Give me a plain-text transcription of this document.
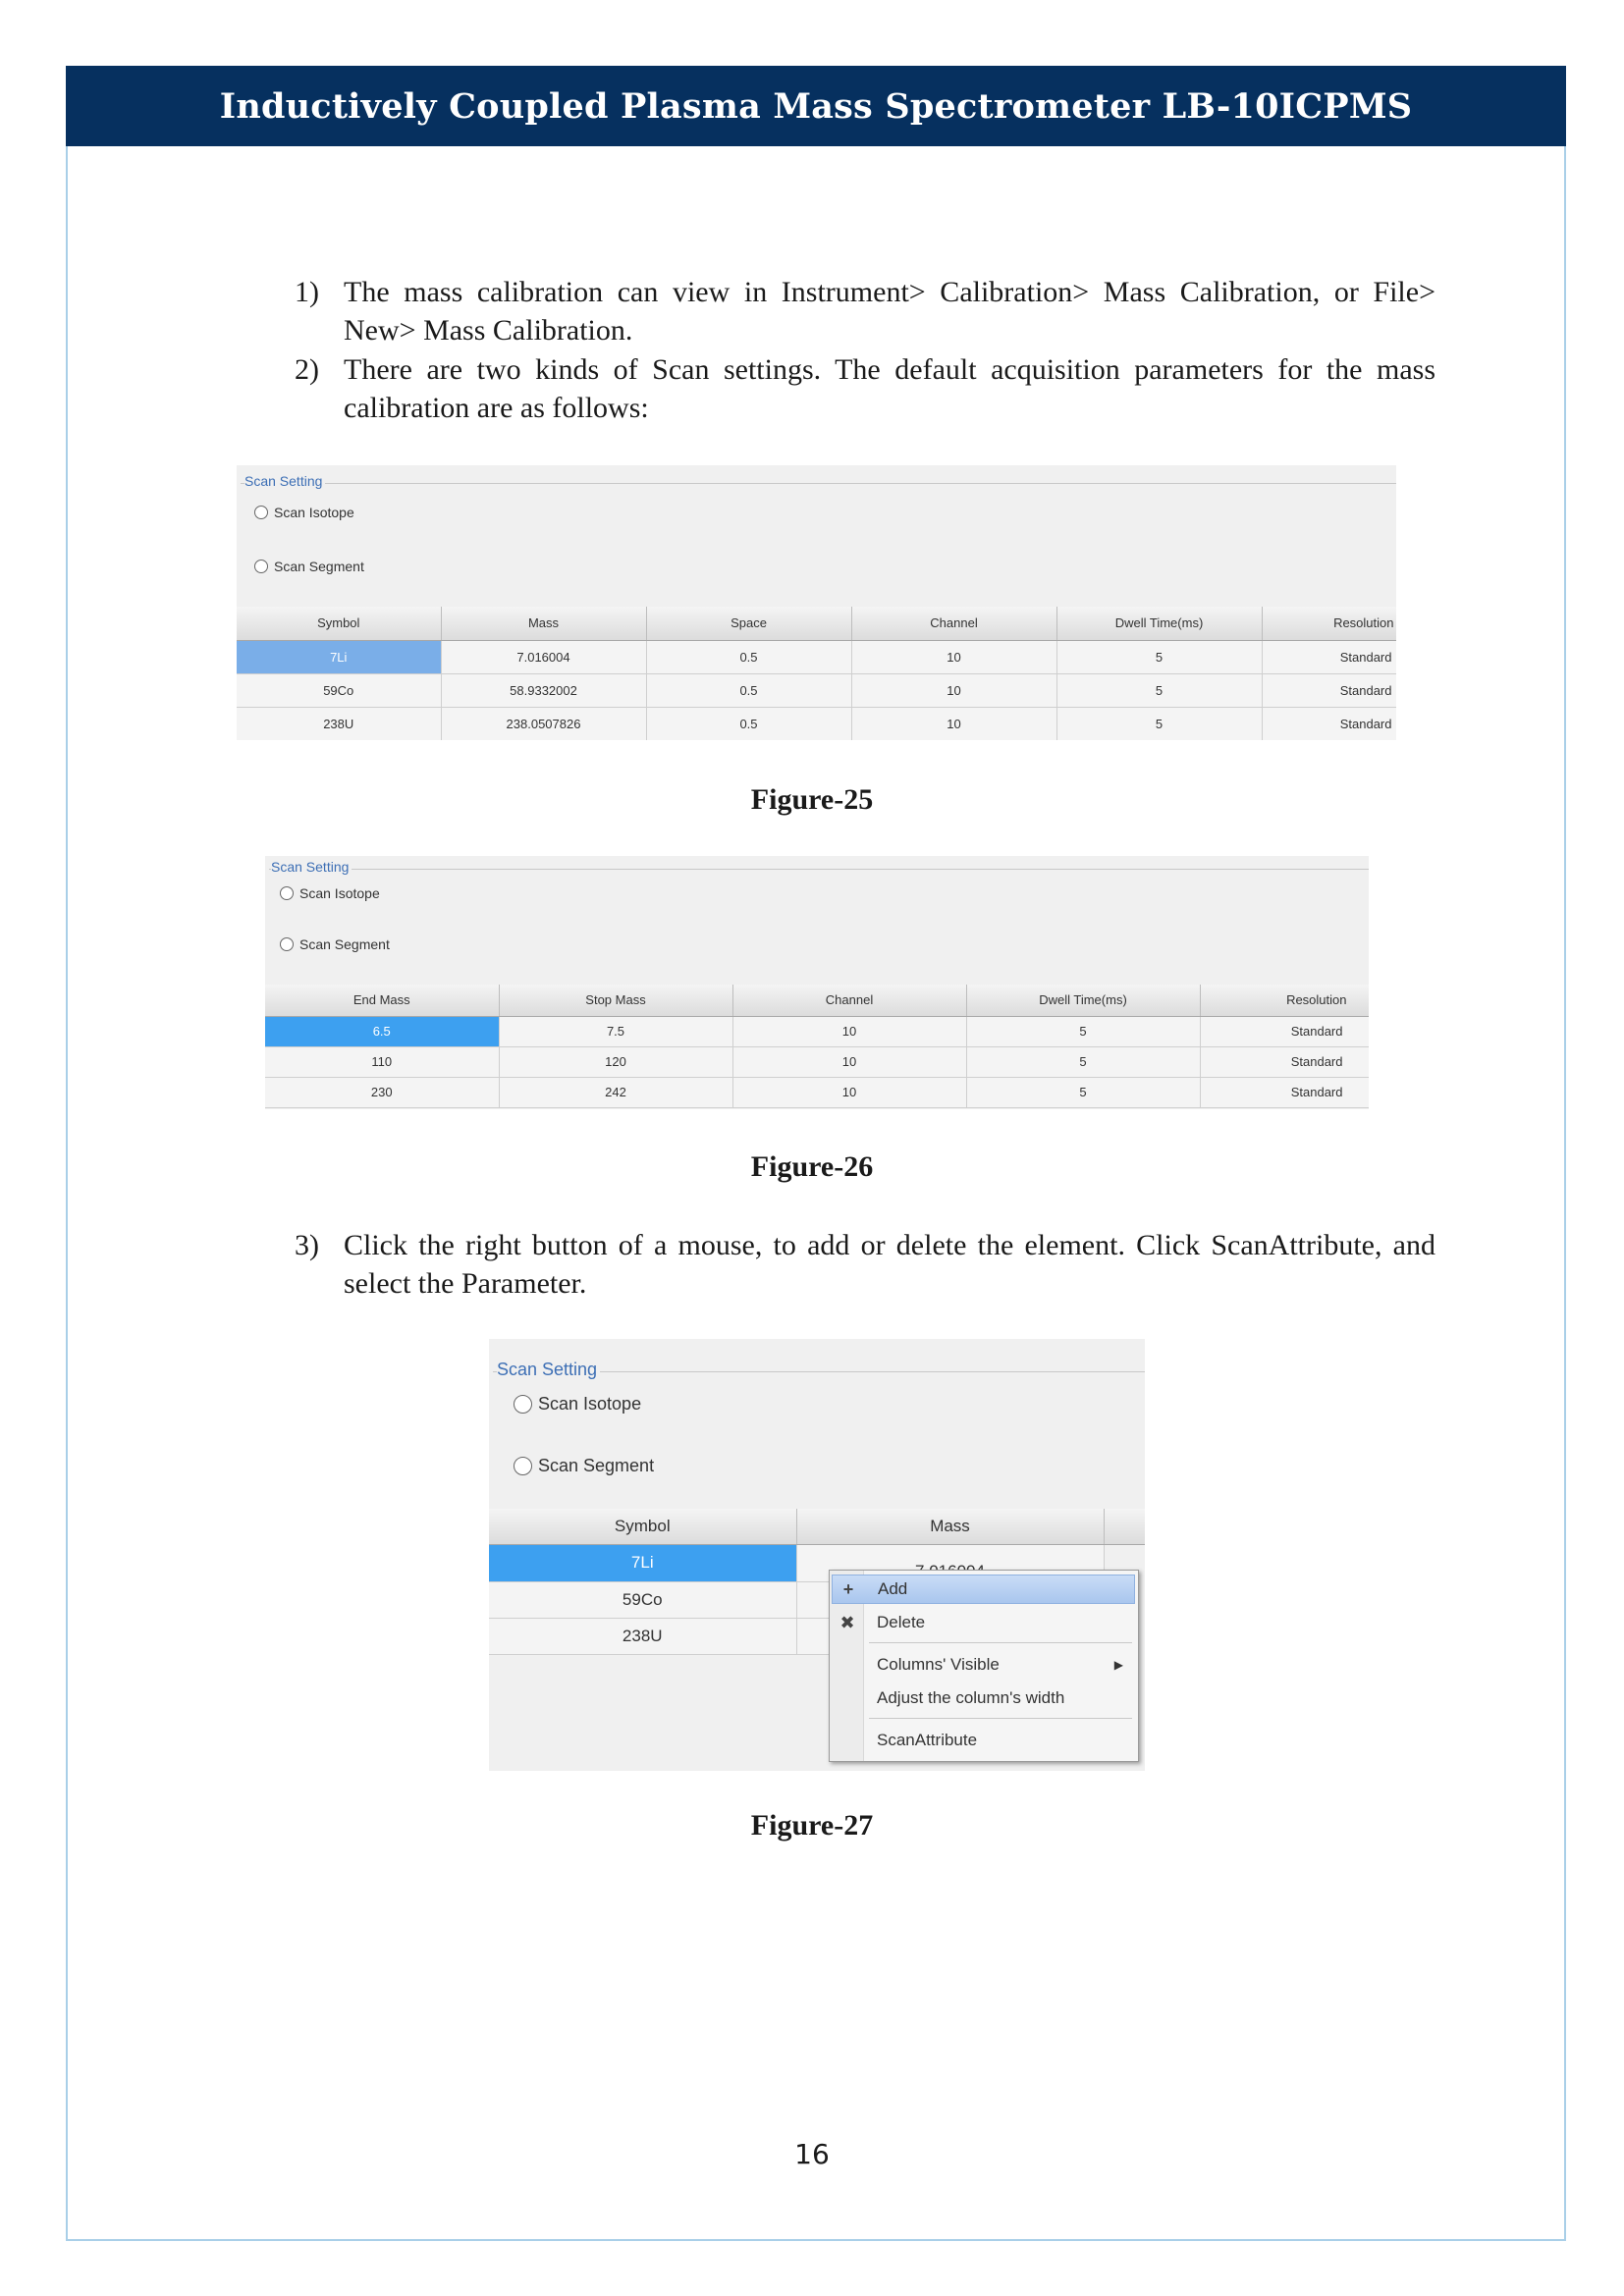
Inductively Coupled Plasma Mass Spectrometer LB-10ICPMS
1) The mass calibration can view in Instrument> Calibration> Mass Calibration, or File> New> Mass Calibration.
2) There are two kinds of Scan settings. The default acquisition parameters for the mass calibration are as follows:
Scan Setting
Scan Isotope
Scan Segment
Symbol	Mass	Space	Channel	Dwell Time(ms)	Resolution
7Li	7.016004	0.5	10	5	Standard
59Co	58.9332002	0.5	10	5	Standard
238U	238.0507826	0.5	10	5	Standard
Figure-25
Scan Setting
Scan Isotope
Scan Segment
End Mass	Stop Mass	Channel	Dwell Time(ms)	Resolution
6.5	7.5	10	5	Standard
110	120	10	5	Standard
230	242	10	5	Standard
Figure-26
3) Click the right button of a mouse, to add or delete the element. Click ScanAttribute, and select the Parameter.
Scan Setting
Scan Isotope
Scan Segment
Symbol	Mass	
7Li		
59Co		
238U		
+	Add
✖	Delete
Columns' Visible	▶
Adjust the column's width
ScanAttribute
Figure-27
16
